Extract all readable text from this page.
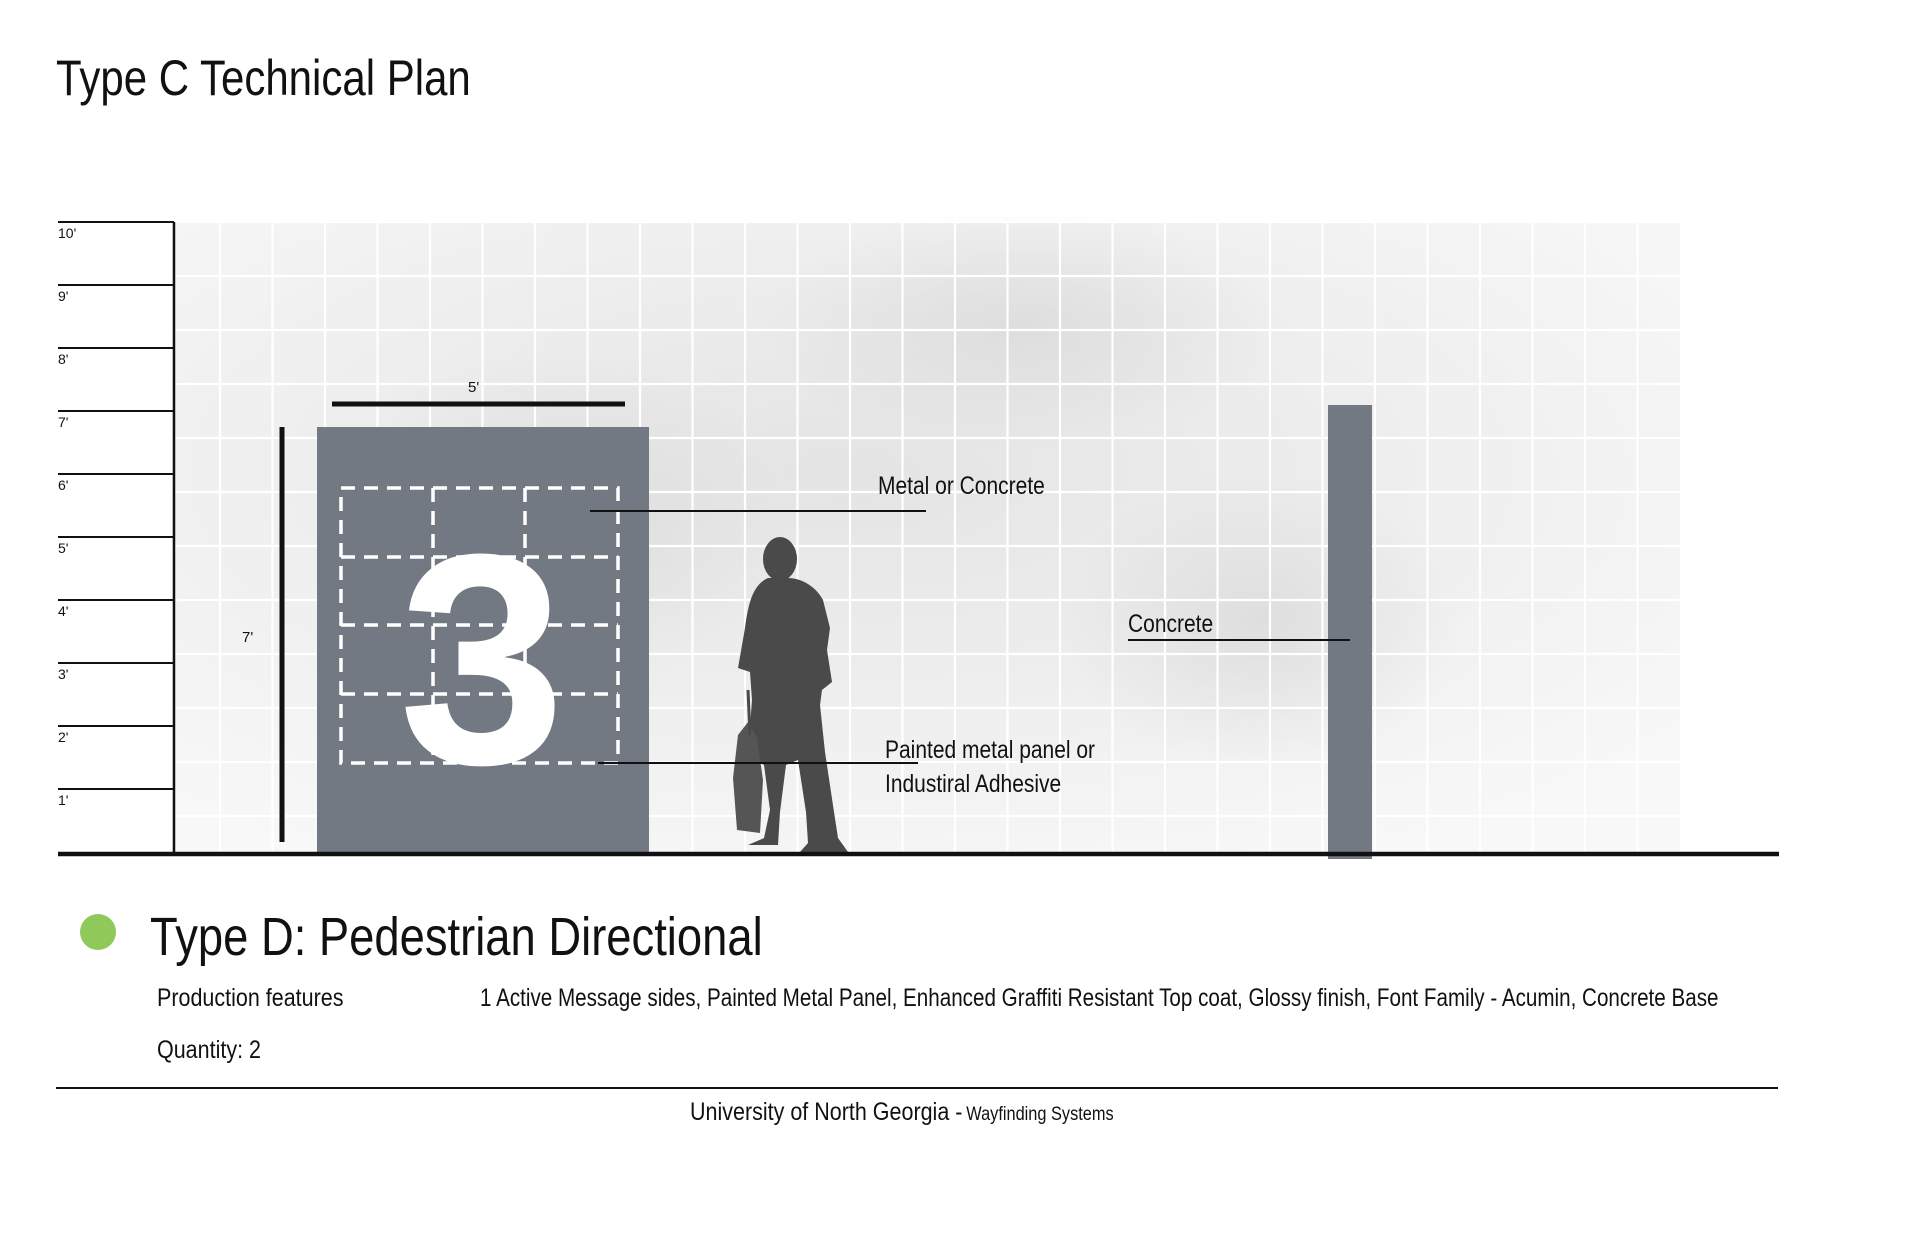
Type C Technical Plan
1'
2'
3'
4'
5'
6'
7'
8'
9'
10'
5'
7' 3
Metal or Concrete
Concrete
Painted metal panel or
Industiral Adhesive
Type D: Pedestrian Directional
Production features	1 Active Message sides, Painted Metal Panel, Enhanced Graffiti Resistant Top coat, Glossy finish, Font Family - Acumin, Concrete Base
Quantity: 2
University of North Georgia - Wayfinding Systems
